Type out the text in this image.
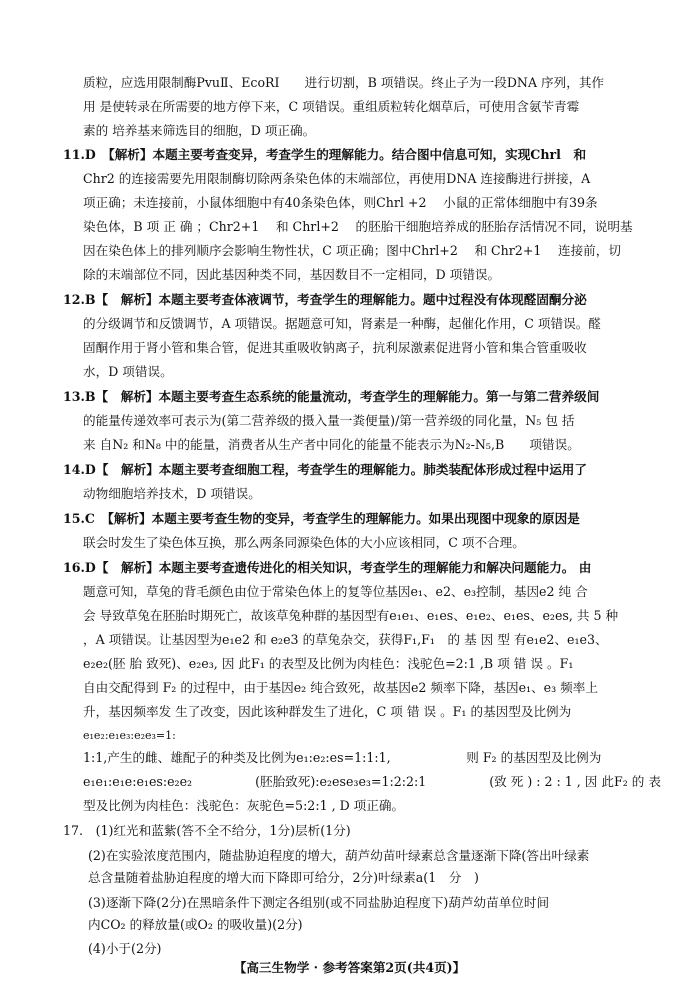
质粒，应选用限制酶PvuⅡ、EcoRI　　进行切割，B 项错误。终止子为一段DNA 序列，其作
用 是使转录在所需要的地方停下来，C 项错误。重组质粒转化烟草后，可使用含氨苄青霉
素的 培养基来筛选目的细胞，D 项正确。
11.D　【解析】本题主要考查变异，考查学生的理解能力。结合图中信息可知，实现Chrl　和
Chr2 的连接需要先用限制酶切除两条染色体的末端部位，再使用DNA 连接酶进行拼接，A
项正确；未连接前，小鼠体细胞中有40条染色体，则Chrl +2　 小鼠的正常体细胞中有39条
染色体，B 项 正 确 ；Chr2+1　 和 Chrl+2　 的胚胎干细胞培养成的胚胎存活情况不同，说明基
因在染色体上的排列顺序会影响生物性状，C 项正确；图中Chrl+2　 和 Chr2+1　 连接前，切
除的末端部位不同，因此基因种类不同，基因数目不一定相同，D 项错误。
12.B【　解析】本题主要考查体液调节，考查学生的理解能力。题中过程没有体现醛固酮分泌
的分级调节和反馈调节，A 项错误。据题意可知，肾素是一种酶，起催化作用，C 项错误。醛
固酮作用于肾小管和集合管，促进其重吸收钠离子，抗利尿激素促进肾小管和集合管重吸收
水，D 项错误。
13.B【　解析】本题主要考查生态系统的能量流动，考查学生的理解能力。第一与第二营养级间
的能量传递效率可表示为(第二营养级的摄入量一粪便量)/第一营养级的同化量，N₅ 包 括
来 自N₂ 和N₈ 中的能量，消费者从生产者中同化的能量不能表示为N₂-N₅,B　　项错误。
14.D【　解析】本题主要考查细胞工程，考查学生的理解能力。肺类装配体形成过程中运用了
动物细胞培养技术，D 项错误。
15.C　【解析】本题主要考查生物的变异，考查学生的理解能力。如果出现图中现象的原因是
联会时发生了染色体互换，那么两条同源染色体的大小应该相同，C 项不合理。
16.D【　解析】本题主要考查遗传进化的相关知识，考查学生的理解能力和解决问题能力。 由
题意可知，草兔的背毛颜色由位于常染色体上的复等位基因e₁、e2、e₃控制，基因e2 纯 合
会 导致草兔在胚胎时期死亡，故该草兔种群的基因型有e₁e₁、e₁es、e₁e₂、e₁es、e₂es, 共 5 种
，A 项错误。让基因型为e₁e2 和 e₂e3 的草兔杂交，获得F₁,F₁　的 基 因 型 有e₁e2、e₁e3、
e₂e₂(胚 胎 致死)、e₂e₃, 因 此F₁ 的表型及比例为肉桂色：浅驼色=2:1 ,B 项 错 误 。F₁
自由交配得到 F₂ 的过程中，由于基因e₂ 纯合致死，故基因e2 频率下降，基因e₁、e₃ 频率上
升，基因频率发 生了改变，因此该种群发生了进化，C 项 错 误 。F₁ 的基因型及比例为
e₁e₂:e₁e₃:e₂e₃=1:
1:1,产生的雌、雄配子的种类及比例为e₁:e₂:es=1:1:1,　　　　　　则 F₂ 的基因型及比例为
e₁e₁:e₁e:e₁es:e₂e₂　　　　　(胚胎致死):e₂ese₃e₃=1:2:2:1　　　　　(致 死 ) : 2 : 1 , 因 此F₂ 的 表
型及比例为肉桂色：浅驼色：灰驼色=5:2:1 , D 项正确。
17.　(1)红光和蓝紫(答不全不给分，1分)层析(1分)
(2)在实验浓度范围内，随盐胁迫程度的增大，葫芦幼苗叶绿素总含量逐渐下降(答出叶绿素
总含量随着盐胁迫程度的增大而下降即可给分，2分)叶绿素a(1　分　)
(3)逐渐下降(2分)在黑暗条件下测定各组别(或不同盐胁迫程度下)葫芦幼苗单位时间
内CO₂ 的释放量(或O₂ 的吸收量)(2分)
(4)小于(2分)
【高三生物学 · 参考答案第2页(共4页)】
